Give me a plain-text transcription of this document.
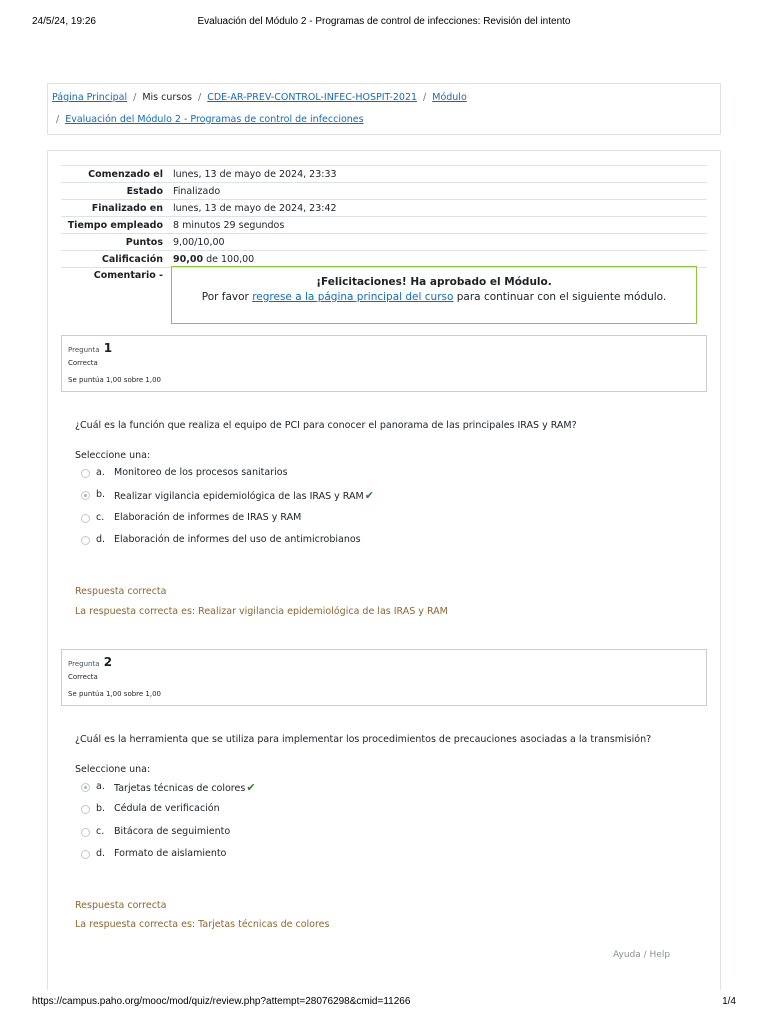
24/5/24, 19:26	Evaluación del Módulo 2 - Programas de control de infecciones: Revisión del intento
Página Principal / Mis cursos / CDE-AR-PREV-CONTROL-INFEC-HOSPIT-2021 / Módulo
/ Evaluación del Módulo 2 - Programas de control de infecciones
Comenzado el	lunes, 13 de mayo de 2024, 23:33
Estado	Finalizado
Finalizado en	lunes, 13 de mayo de 2024, 23:42
Tiempo empleado	8 minutos 29 segundos
Puntos	9,00/10,00
Calificación	90,00 de 100,00
Comentario -	
¡Felicitaciones! Ha aprobado el Módulo.
Por favor regrese a la página principal del curso para continuar con el siguiente módulo.
Pregunta 1
Correcta
Se puntúa 1,00 sobre 1,00
¿Cuál es la función que realiza el equipo de PCI para conocer el panorama de las principales IRAS y RAM?
Seleccione una:
a. Monitoreo de los procesos sanitarios
b. Realizar vigilancia epidemiológica de las IRAS y RAM✔
c. Elaboración de informes de IRAS y RAM
d. Elaboración de informes del uso de antimicrobianos
Respuesta correcta
La respuesta correcta es: Realizar vigilancia epidemiológica de las IRAS y RAM
Pregunta 2
Correcta
Se puntúa 1,00 sobre 1,00
¿Cuál es la herramienta que se utiliza para implementar los procedimientos de precauciones asociadas a la transmisión?
Seleccione una:
a. Tarjetas técnicas de colores✔
b. Cédula de verificación
c. Bitácora de seguimiento
d. Formato de aislamiento
Respuesta correcta
La respuesta correcta es: Tarjetas técnicas de colores
Ayuda / Help
https://campus.paho.org/mooc/mod/quiz/review.php?attempt=28076298&cmid=11266	1/4
